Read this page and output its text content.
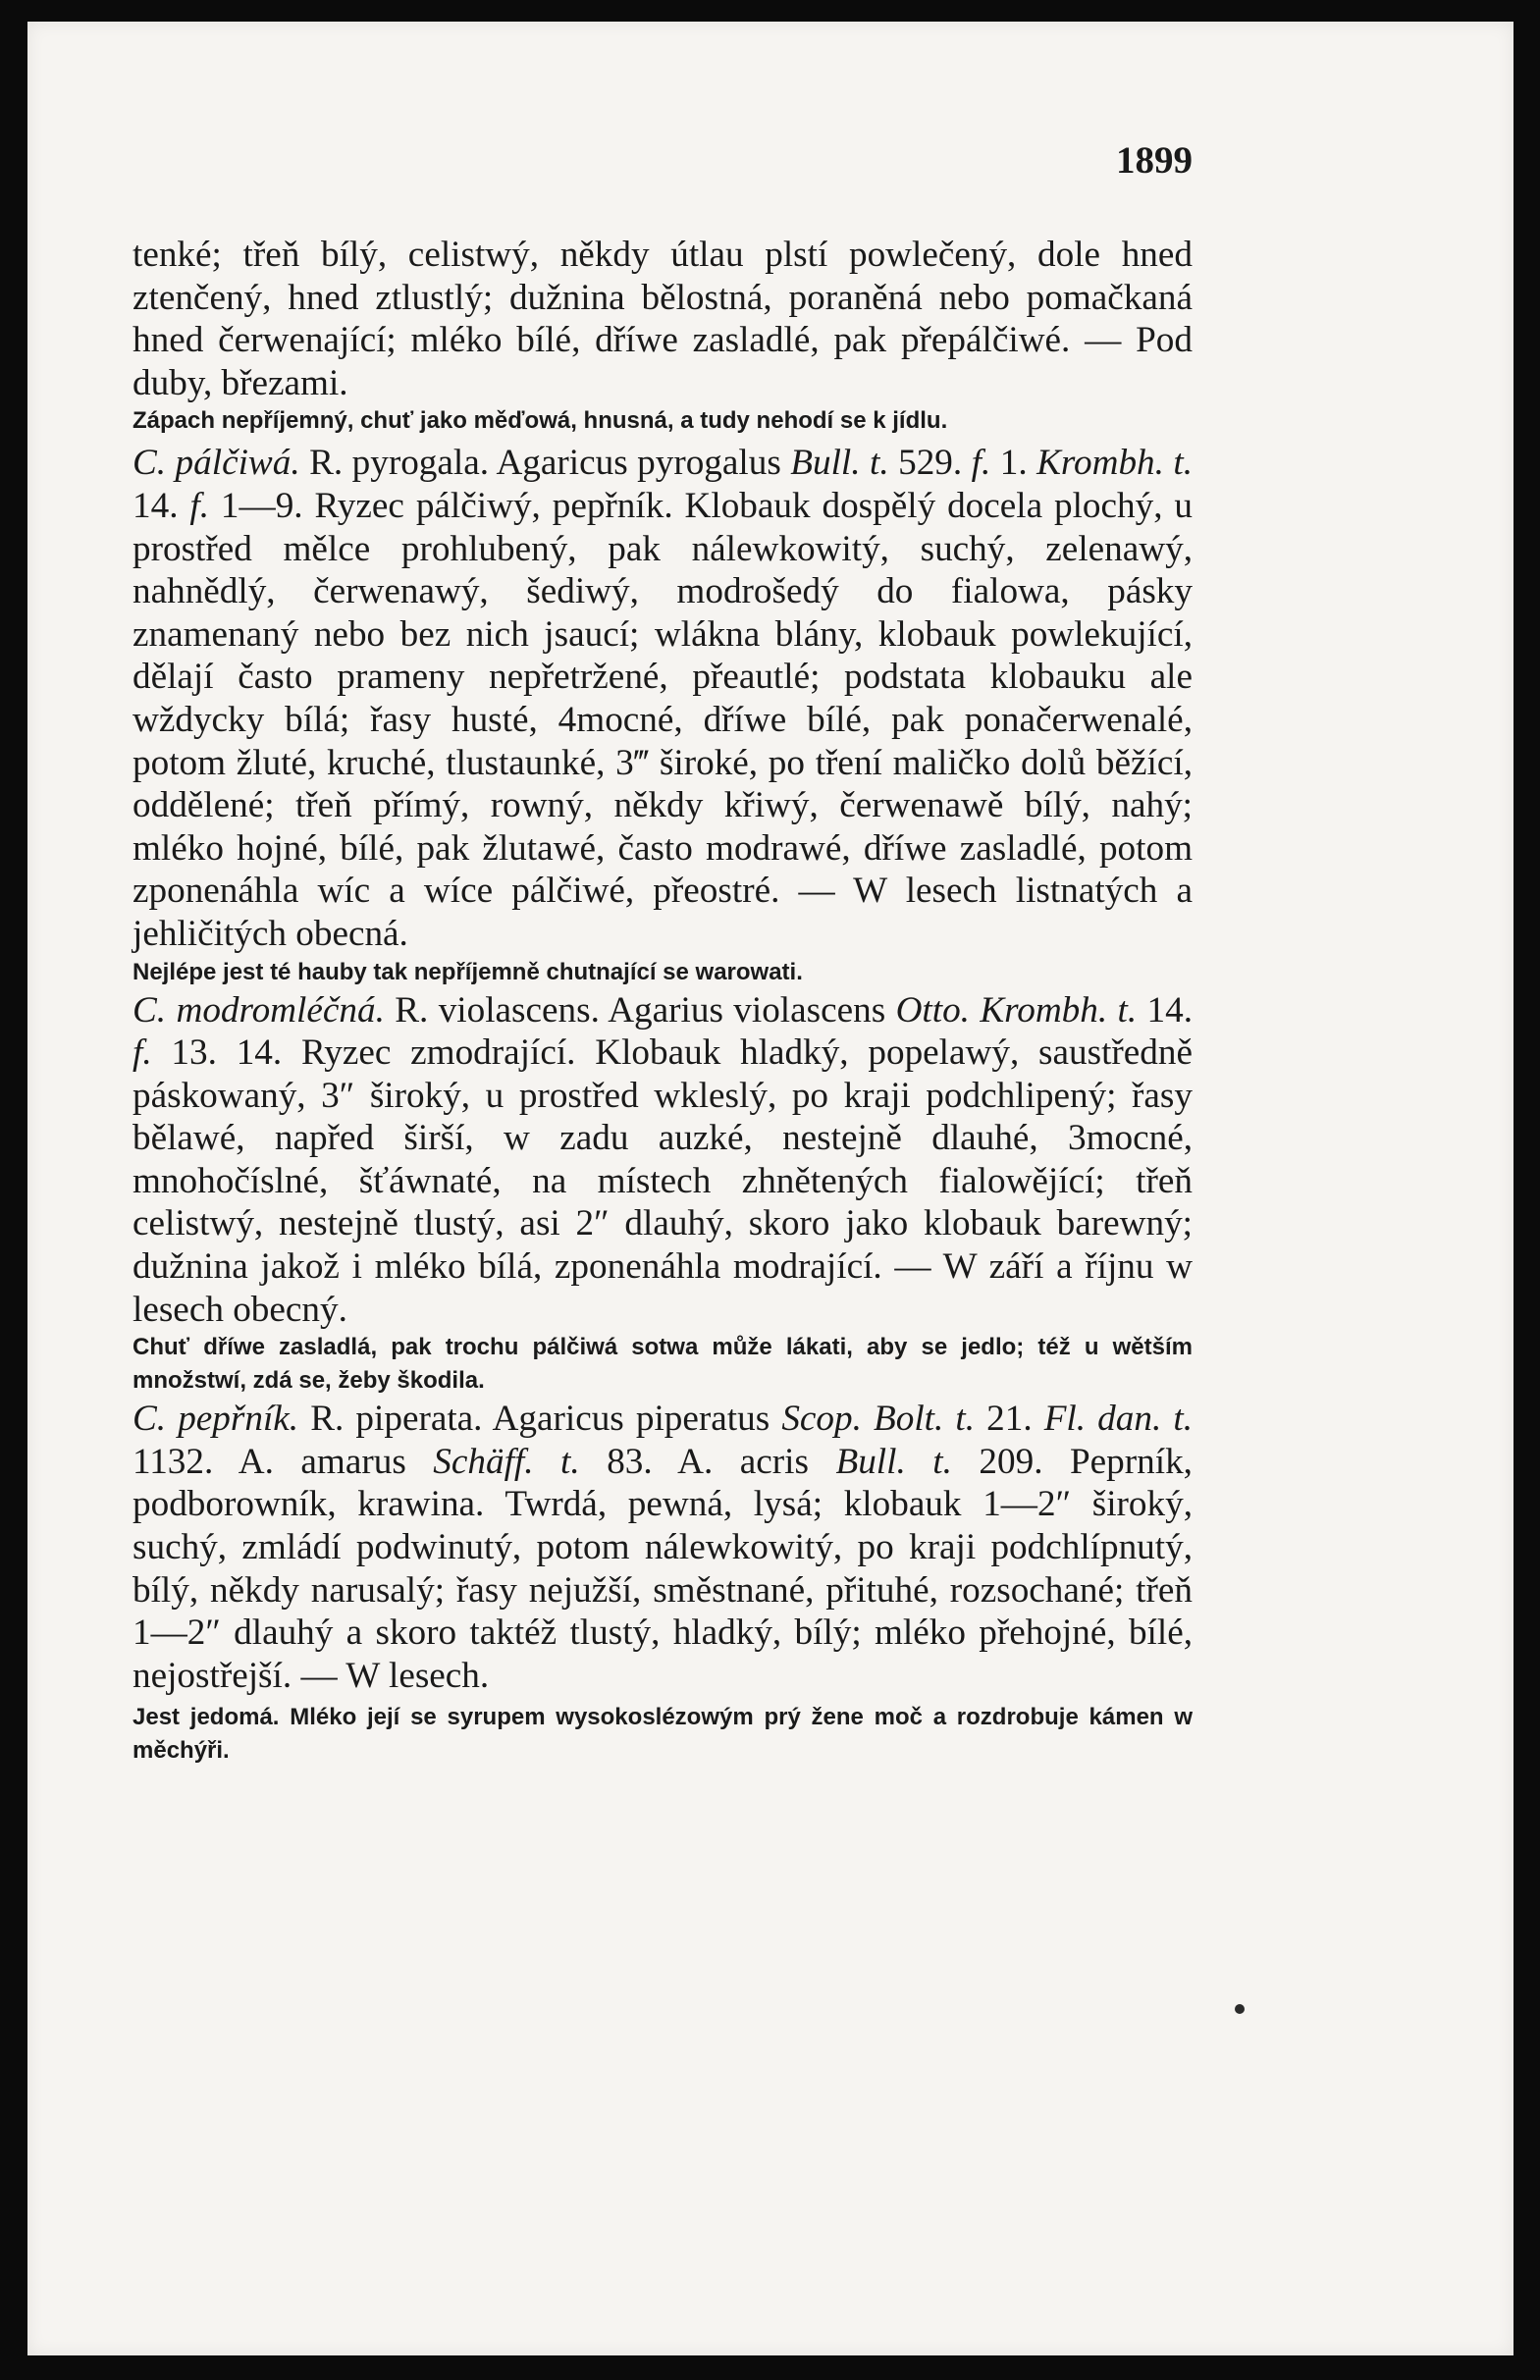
1899

tenké; třeň bílý, celistwý, někdy útlau plstí powlečený, dole hned ztenčený, hned ztlustlý; dužnina bělostná, poraněná nebo pomačkaná hned čerwenající; mléko bílé, dříwe zasladlé, pak přepálčiwé. — Pod duby, březami.

Zápach nepříjemný, chuť jako měďowá, hnusná, a tudy nehodí se k jídlu.

C. pálčiwá. R. pyrogala. Agaricus pyrogalus Bull. t. 529. f. 1. Krombh. t. 14. f. 1—9. Ryzec pálčiwý, pepřník. Klobauk dospělý docela plochý, u prostřed mělce prohlubený, pak nálewkowitý, suchý, zelenawý, nahnědlý, čerwenawý, šediwý, modrošedý do fialowa, pásky znamenaný nebo bez nich jsaucí; wlákna blány, klobauk powlekující, dělají často prameny nepřetržené, přeautlé; podstata klobauku ale wždycky bílá; řasy husté, 4mocné, dříwe bílé, pak ponačerwenalé, potom žluté, kruché, tlustaunké, 3‴ široké, po tření maličko dolů běžící, oddělené; třeň přímý, rowný, někdy křiwý, čerwenawě bílý, nahý; mléko hojné, bílé, pak žlutawé, často modrawé, dříwe zasladlé, potom zponenáhla wíc a wíce pálčiwé, přeostré. — W lesech listnatých a jehličitých obecná.

Nejlépe jest té hauby tak nepříjemně chutnající se warowati.

C. modromléčná. R. violascens. Agarius violascens Otto. Krombh. t. 14. f. 13. 14. Ryzec zmodrající. Klobauk hladký, popelawý, saustředně páskowaný, 3″ široký, u prostřed wkleslý, po kraji podchlipený; řasy bělawé, napřed širší, w zadu auzké, nestejně dlauhé, 3mocné, mnohočíslné, šťáwnaté, na místech zhnětených fialowějící; třeň celistwý, nestejně tlustý, asi 2″ dlauhý, skoro jako klobauk barewný; dužnina jakož i mléko bílá, zponenáhla modrající. — W září a říjnu w lesech obecný.

Chuť dříwe zasladlá, pak trochu pálčiwá sotwa může lákati, aby se jedlo; též u wětším množstwí, zdá se, žeby škodila.

C. pepřník. R. piperata. Agaricus piperatus Scop. Bolt. t. 21. Fl. dan. t. 1132. A. amarus Schäff. t. 83. A. acris Bull. t. 209. Peprník, podborowník, krawina. Twrdá, pewná, lysá; klobauk 1—2″ široký, suchý, zmládí podwinutý, potom nálewkowitý, po kraji podchlípnutý, bílý, někdy narusalý; řasy nejužší, směstnané, přituhé, rozsochané; třeň 1—2″ dlauhý a skoro taktéž tlustý, hladký, bílý; mléko přehojné, bílé, nejostřejší. — W lesech.

Jest jedomá. Mléko její se syrupem wysokoslézowým prý žene moč a rozdrobuje kámen w měchýři.
